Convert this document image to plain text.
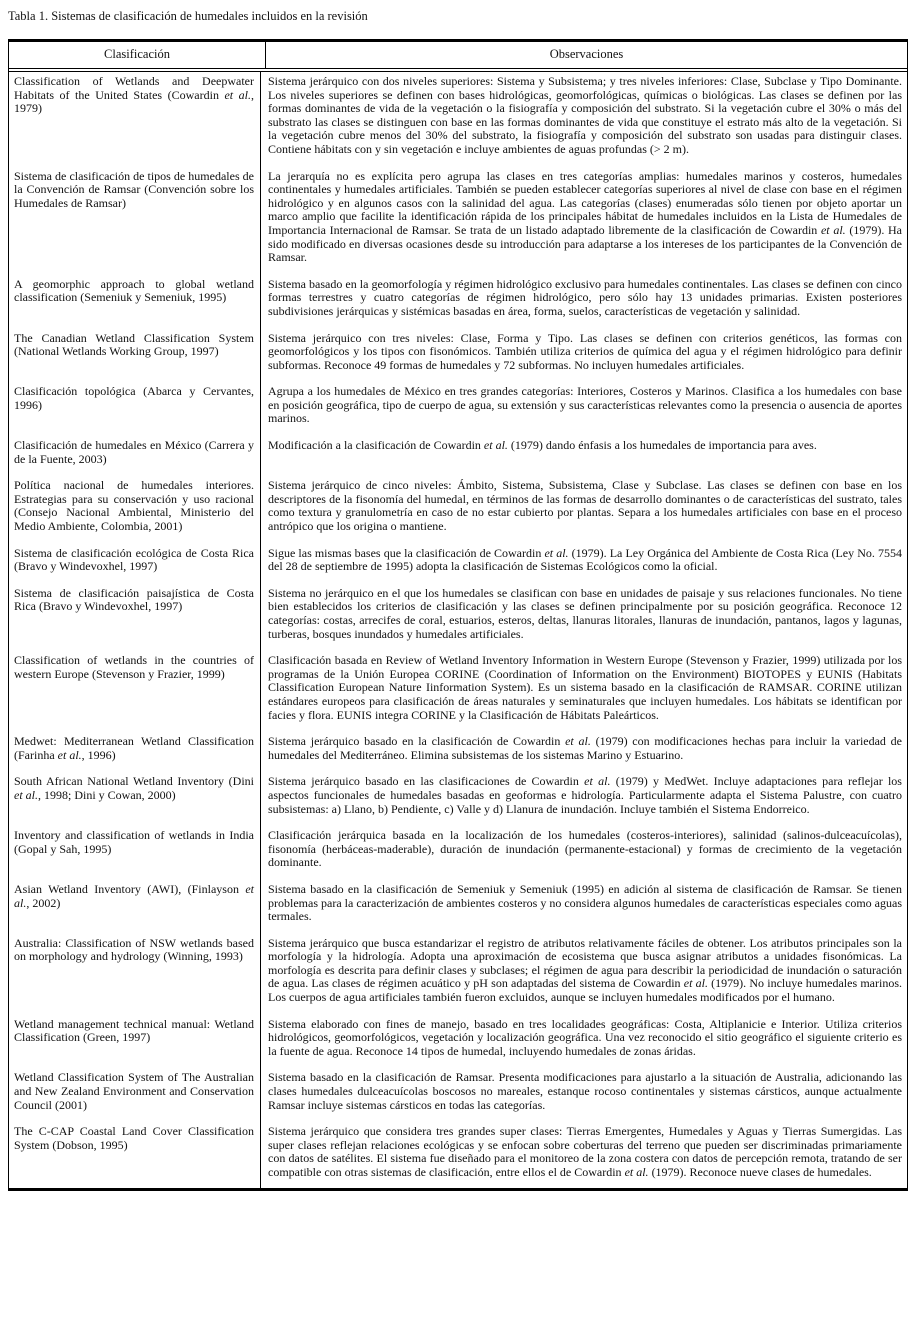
Tabla 1. Sistemas de clasificación de humedales incluidos en la revisión
Clasificación	Observaciones
Classification of Wetlands and Deepwater Habitats of the United States (Cowardin et al., 1979)
Sistema jerárquico con dos niveles superiores: Sistema y Subsistema; y tres niveles inferiores: Clase, Subclase y Tipo Dominante. Los niveles superiores se definen con bases hidrológicas, geomorfológicas, químicas o biológicas. Las clases se definen por las formas dominantes de vida de la vegetación o la fisiografía y composición del substrato. Si la vegetación cubre el 30% o más del substrato las clases se distinguen con base en las formas dominantes de vida que constituye el estrato más alto de la vegetación. Si la vegetación cubre menos del 30% del substrato, la fisiografía y composición del substrato son usadas para distinguir clases. Contiene hábitats con y sin vegetación e incluye ambientes de aguas profundas (> 2 m).
Sistema de clasificación de tipos de humedales de la Convención de Ramsar (Convención sobre los Humedales de Ramsar)
La jerarquía no es explícita pero agrupa las clases en tres categorías amplias: humedales marinos y costeros, humedales continentales y humedales artificiales. También se pueden establecer categorías superiores al nivel de clase con base en el régimen hidrológico y en algunos casos con la salinidad del agua. Las categorías (clases) enumeradas sólo tienen por objeto aportar un marco amplio que facilite la identificación rápida de los principales hábitat de humedales incluidos en la Lista de Humedales de Importancia Internacional de Ramsar. Se trata de un listado adaptado libremente de la clasificación de Cowardin et al. (1979). Ha sido modificado en diversas ocasiones desde su introducción para adaptarse a los intereses de los participantes de la Convención de Ramsar.
A geomorphic approach to global wetland classification (Semeniuk y Semeniuk, 1995)
Sistema basado en la geomorfología y régimen hidrológico exclusivo para humedales continentales. Las clases se definen con cinco formas terrestres y cuatro categorías de régimen hidrológico, pero sólo hay 13 unidades primarias. Existen posteriores subdivisiones jerárquicas y sistémicas basadas en área, forma, suelos, características de vegetación y salinidad.
The Canadian Wetland Classification System (National Wetlands Working Group, 1997)
Sistema jerárquico con tres niveles: Clase, Forma y Tipo. Las clases se definen con criterios genéticos, las formas con geomorfológicos y los tipos con fisonómicos. También utiliza criterios de química del agua y el régimen hidrológico para definir subformas. Reconoce 49 formas de humedales y 72 subformas. No incluyen humedales artificiales.
Clasificación topológica (Abarca y Cervantes, 1996)
Agrupa a los humedales de México en tres grandes categorías: Interiores, Costeros y Marinos. Clasifica a los humedales con base en posición geográfica, tipo de cuerpo de agua, su extensión y sus características relevantes como la presencia o ausencia de aportes marinos.
Clasificación de humedales en México (Carrera y de la Fuente, 2003)
Modificación a la clasificación de Cowardin et al. (1979) dando énfasis a los humedales de importancia para aves.
Política nacional de humedales interiores. Estrategias para su conservación y uso racional (Consejo Nacional Ambiental, Ministerio del Medio Ambiente, Colombia, 2001)
Sistema jerárquico de cinco niveles: Ámbito, Sistema, Subsistema, Clase y Subclase. Las clases se definen con base en los descriptores de la fisonomía del humedal, en términos de las formas de desarrollo dominantes o de características del sustrato, tales como textura y granulometría en caso de no estar cubierto por plantas. Separa a los humedales artificiales con base en el proceso antrópico que los origina o mantiene.
Sistema de clasificación ecológica de Costa Rica (Bravo y Windevoxhel, 1997)
Sigue las mismas bases que la clasificación de Cowardin et al. (1979). La Ley Orgánica del Ambiente de Costa Rica (Ley No. 7554 del 28 de septiembre de 1995) adopta la clasificación de Sistemas Ecológicos como la oficial.
Sistema de clasificación paisajística de Costa Rica (Bravo y Windevoxhel, 1997)
Sistema no jerárquico en el que los humedales se clasifican con base en unidades de paisaje y sus relaciones funcionales. No tiene bien establecidos los criterios de clasificación y las clases se definen principalmente por su posición geográfica. Reconoce 12 categorías: costas, arrecifes de coral, estuarios, esteros, deltas, llanuras litorales, llanuras de inundación, pantanos, lagos y lagunas, turberas, bosques inundados y humedales artificiales.
Classification of wetlands in the countries of western Europe (Stevenson y Frazier, 1999)
Clasificación basada en Review of Wetland Inventory Information in Western Europe (Stevenson y Frazier, 1999) utilizada por los programas de la Unión Europea CORINE (Coordination of Information on the Environment) BIOTOPES y EUNIS (Habitats Classification European Nature Iinformation System). Es un sistema basado en la clasificación de RAMSAR. CORINE utilizan estándares europeos para clasificación de áreas naturales y seminaturales que incluyen humedales. Los hábitats se identifican por facies y flora. EUNIS integra CORINE y la Clasificación de Hábitats Paleárticos.
Medwet: Mediterranean Wetland Classification (Farinha et al., 1996)
Sistema jerárquico basado en la clasificación de Cowardin et al. (1979) con modificaciones hechas para incluir la variedad de humedales del Mediterráneo. Elimina subsistemas de los sistemas Marino y Estuarino.
South African National Wetland Inventory (Dini et al., 1998; Dini y Cowan, 2000)
Sistema jerárquico basado en las clasificaciones de Cowardin et al. (1979) y MedWet. Incluye adaptaciones para reflejar los aspectos funcionales de humedales basadas en geoformas e hidrología. Particularmente adapta el Sistema Palustre, con cuatro subsistemas: a) Llano, b) Pendiente, c) Valle y d) Llanura de inundación. Incluye también el Sistema Endorreico.
Inventory and classification of wetlands in India (Gopal y Sah, 1995)
Clasificación jerárquica basada en la localización de los humedales (costeros-interiores), salinidad (salinos-dulceacuícolas), fisonomía (herbáceas-maderable), duración de inundación (permanente-estacional) y formas de crecimiento de la vegetación dominante.
Asian Wetland Inventory (AWI), (Finlayson et al., 2002)
Sistema basado en la clasificación de Semeniuk y Semeniuk (1995) en adición al sistema de clasificación de Ramsar. Se tienen problemas para la caracterización de ambientes costeros y no considera algunos humedales de características especiales como aguas termales.
Australia: Classification of NSW wetlands based on morphology and hydrology (Winning, 1993)
Sistema jerárquico que busca estandarizar el registro de atributos relativamente fáciles de obtener. Los atributos principales son la morfología y la hidrología. Adopta una aproximación de ecosistema que busca asignar atributos a unidades fisonómicas. La morfología es descrita para definir clases y subclases; el régimen de agua para describir la periodicidad de inundación o saturación de agua. Las clases de régimen acuático y pH son adaptadas del sistema de Cowardin et al. (1979). No incluye humedales marinos. Los cuerpos de agua artificiales también fueron excluidos, aunque se incluyen humedales modificados por el humano.
Wetland management technical manual: Wetland Classification (Green, 1997)
Sistema elaborado con fines de manejo, basado en tres localidades geográficas: Costa, Altiplanicie e Interior. Utiliza criterios hidrológicos, geomorfológicos, vegetación y localización geográfica. Una vez reconocido el sitio geográfico el siguiente criterio es la fuente de agua. Reconoce 14 tipos de humedal, incluyendo humedales de zonas áridas.
Wetland Classification System of The Australian and New Zealand Environment and Conservation Council (2001)
Sistema basado en la clasificación de Ramsar. Presenta modificaciones para ajustarlo a la situación de Australia, adicionando las clases humedales dulceacuícolas boscosos no mareales, estanque rocoso continentales y sistemas cársticos, aunque actualmente Ramsar incluye sistemas cársticos en todas las categorías.
The C-CAP Coastal Land Cover Classification System (Dobson, 1995)
Sistema jerárquico que considera tres grandes super clases: Tierras Emergentes, Humedales y Aguas y Tierras Sumergidas. Las super clases reflejan relaciones ecológicas y se enfocan sobre coberturas del terreno que pueden ser discriminadas primariamente con datos de satélites. El sistema fue diseñado para el monitoreo de la zona costera con datos de percepción remota, tratando de ser compatible con otras sistemas de clasificación, entre ellos el de Cowardin et al. (1979). Reconoce nueve clases de humedales.
